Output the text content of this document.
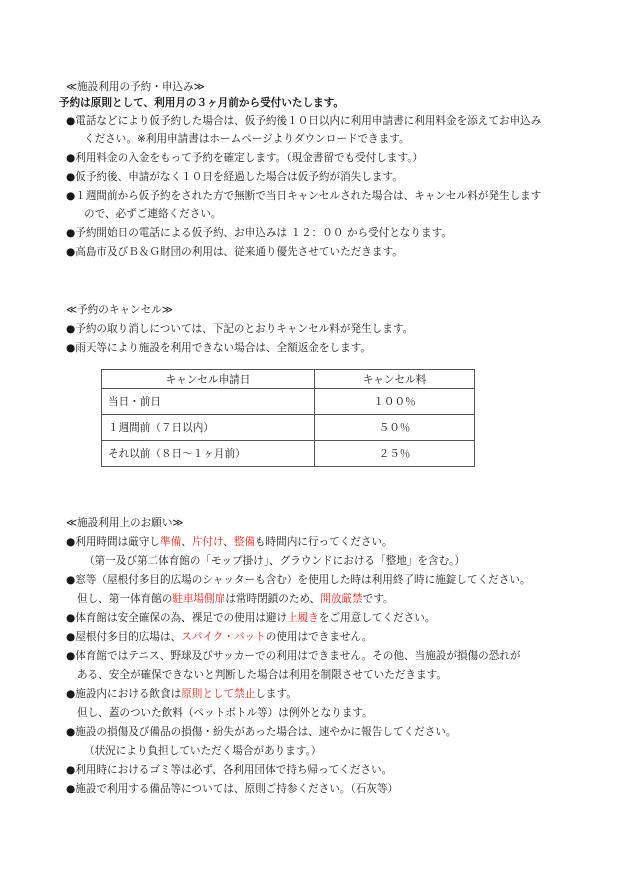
≪施設利用の予約・申込み≫
予約は原則として、利用月の３ヶ月前から受付いたします。
●電話などにより仮予約した場合は、仮予約後１０日以内に利用申請書に利用料金を添えてお申込み
ください。※利用申請書はホームページよりダウンロードできます。
●利用料金の入金をもって予約を確定します。（現金書留でも受付します。）
●仮予約後、申請がなく１０日を経過した場合は仮予約が消失します。
●１週間前から仮予約をされた方で無断で当日キャンセルされた場合は、キャンセル料が発生します
ので、必ずご連絡ください。
●予約開始日の電話による仮予約、お申込みは １２：００ から受付となります。
●高島市及びＢ＆Ｇ財団の利用は、従来通り優先させていただきます。
≪予約のキャンセル≫
●予約の取り消しについては、下記のとおりキャンセル料が発生します。
●雨天等により施設を利用できない場合は、全額返金をします。
キャンセル申請日	キャンセル料
当日・前日	１００％
１週間前（７日以内）	５０％
それ以前（８日～１ヶ月前）	２５％
≪施設利用上のお願い≫
●利用時間は厳守し準備、片付け、整備も時間内に行ってください。
（第一及び第二体育館の「モップ掛け」、グラウンドにおける「整地」を含む。）
●窓等（屋根付多目的広場のシャッターも含む）を使用した時は利用終了時に施錠してください。
但し、第一体育館の駐車場側扉は常時閉鎖のため、開放厳禁です。
●体育館は安全確保の為、裸足での使用は避け上履きをご用意してください。
●屋根付多目的広場は、スパイク・バットの使用はできません。
●体育館ではテニス、野球及びサッカーでの利用はできません。その他、当施設が損傷の恐れが
ある、安全が確保できないと判断した場合は利用を制限させていただきます。
●施設内における飲食は原則として禁止します。
但し、蓋のついた飲料（ペットボトル等）は例外となります。
●施設の損傷及び備品の損傷・紛失があった場合は、速やかに報告してください。
（状況により負担していただく場合があります。）
●利用時におけるゴミ等は必ず、各利用団体で持ち帰ってください。
●施設で利用する備品等については、原則ご持参ください。（石灰等）
